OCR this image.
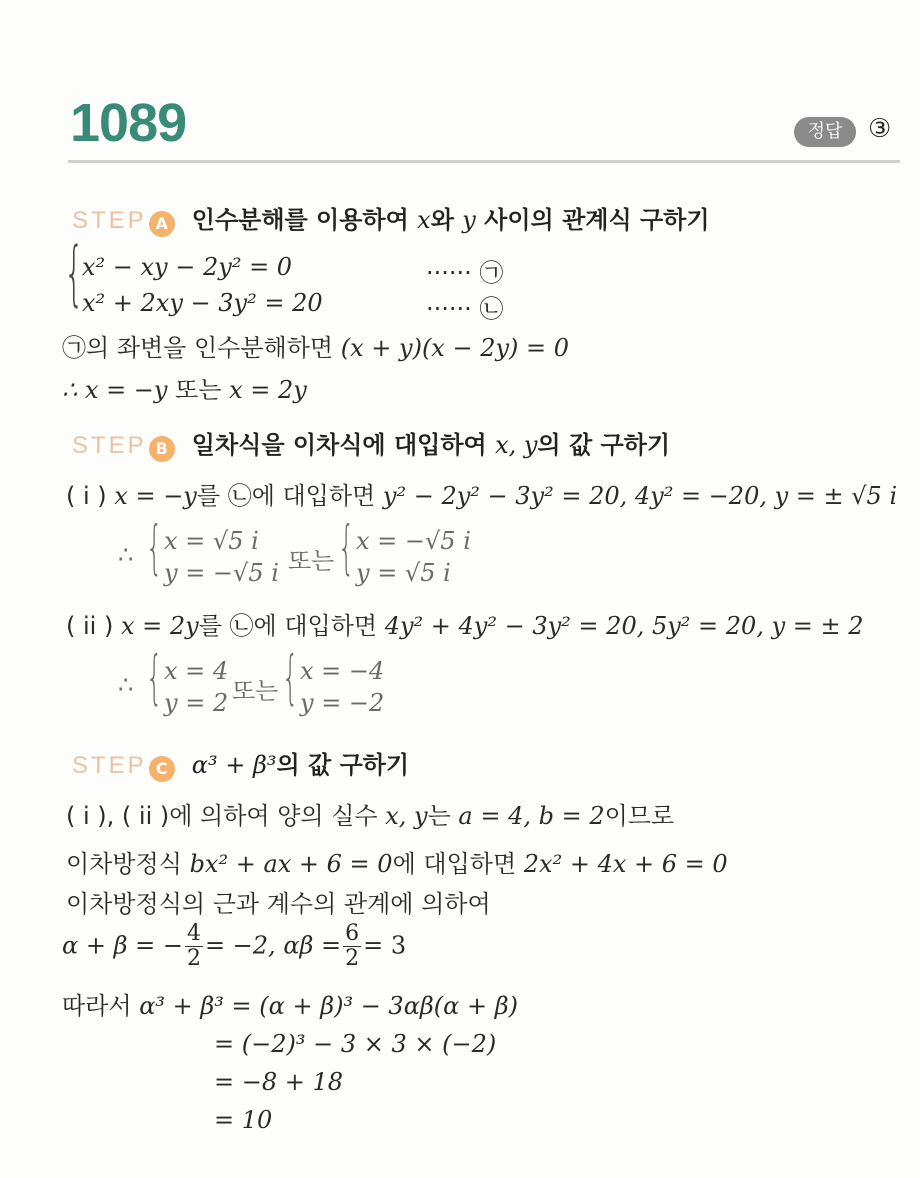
1089	정답 ③
STEP A 인수분해를 이용하여 x와 y 사이의 관계식 구하기
{
x² − xy − 2y² = 0
x² + 2xy − 3y² = 20
······ ㉠
······ ㉡
㉠의 좌변을 인수분해하면 (x + y)(x − 2y) = 0
∴ x = −y 또는 x = 2y
STEP B 일차식을 이차식에 대입하여 x, y의 값 구하기
( i ) x = −y를 ㉡에 대입하면 y² − 2y² − 3y² = 20, 4y² = −20, y = ± √5 i
∴ { x = √5 i
y = −√5 i 또는 { x = −√5 i
y = √5 i
( ii ) x = 2y를 ㉡에 대입하면 4y² + 4y² − 3y² = 20, 5y² = 20, y = ± 2
∴ { x = 4
y = 2 또는 { x = −4
y = −2
STEP C α³ + β³의 값 구하기
( i ), ( ii )에 의하여 양의 실수 x, y는 a = 4, b = 2이므로
이차방정식 bx² + ax + 6 = 0에 대입하면 2x² + 4x + 6 = 0
이차방정식의 근과 계수의 관계에 의하여
α + β = − $\frac{4}{2} = -2$, $\alpha\beta = \frac{6}{2} = 3$
따라서 α³ + β³ = (α + β)³ − 3αβ(α + β)
= (−2)³ − 3 × 3 × (−2)
= −8 + 18
= 10
